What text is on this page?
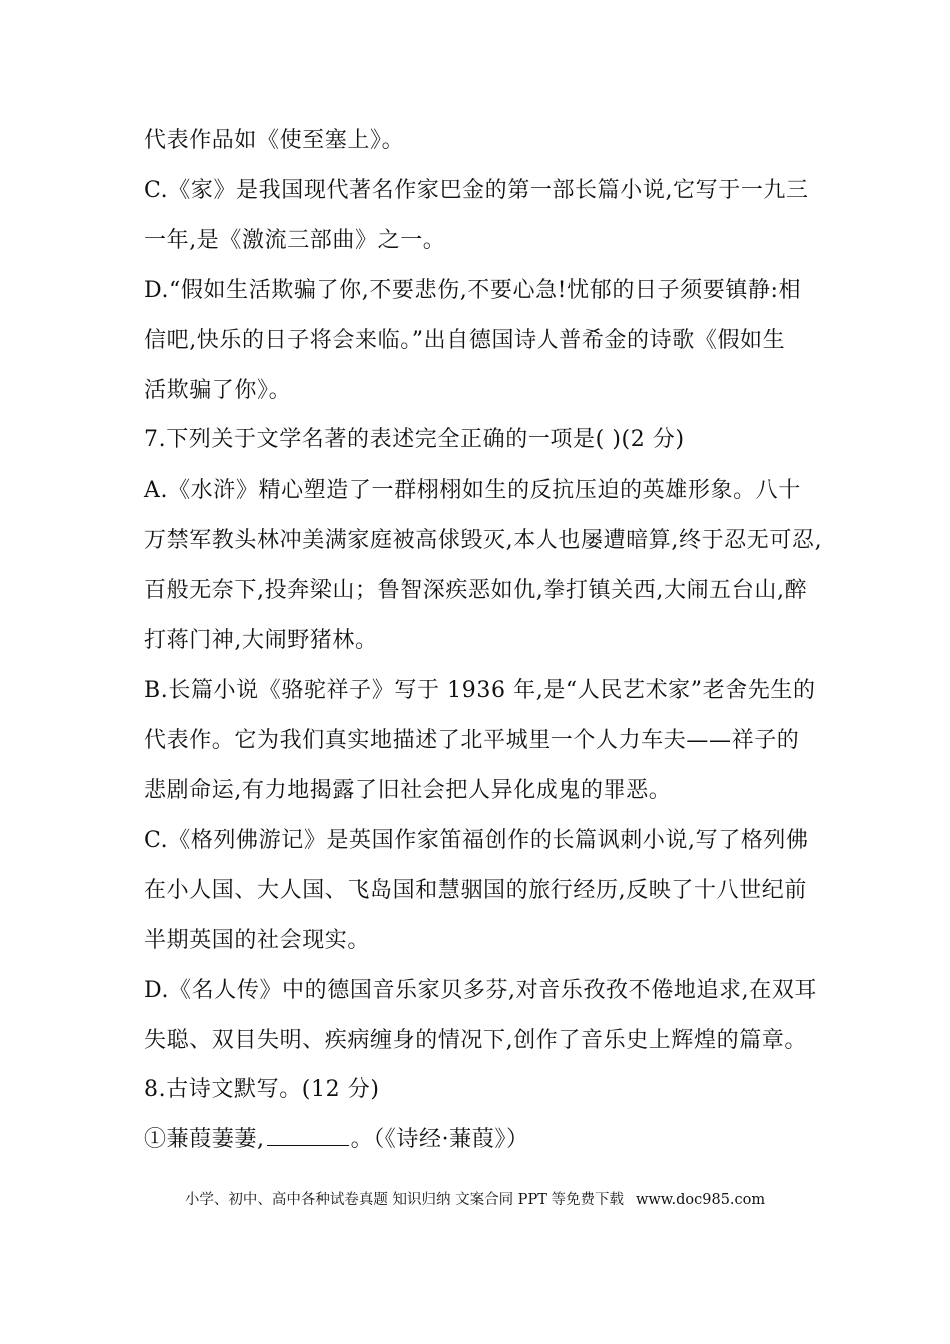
代表作品如《使至塞上》。
C.《家》是我国现代著名作家巴金的第一部长篇小说,它写于一九三
一年,是《激流三部曲》之一。
D.“假如生活欺骗了你,不要悲伤,不要心急!忧郁的日子须要镇静:相
信吧,快乐的日子将会来临。”出自德国诗人普希金的诗歌《假如生
活欺骗了你》。
7.下列关于文学名著的表述完全正确的一项是( )(2 分)
A.《水浒》精心塑造了一群栩栩如生的反抗压迫的英雄形象。八十
万禁军教头林冲美满家庭被高俅毁灭,本人也屡遭暗算,终于忍无可忍,
百般无奈下,投奔梁山；鲁智深疾恶如仇,拳打镇关西,大闹五台山,醉
打蒋门神,大闹野猪林。
B.长篇小说《骆驼祥子》写于 1936 年,是“人民艺术家”老舍先生的
代表作。它为我们真实地描述了北平城里一个人力车夫——祥子的
悲剧命运,有力地揭露了旧社会把人异化成鬼的罪恶。
C.《格列佛游记》是英国作家笛福创作的长篇讽刺小说,写了格列佛
在小人国、大人国、飞岛国和慧骃国的旅行经历,反映了十八世纪前
半期英国的社会现实。
D.《名人传》中的德国音乐家贝多芬,对音乐孜孜不倦地追求,在双耳
失聪、双目失明、疾病缠身的情况下,创作了音乐史上辉煌的篇章。
8.古诗文默写。(12 分)
①蒹葭萋萋,	。（《诗经·蒹葭》）
小学、初中、高中各种试卷真题 知识归纳 文案合同 PPT 等免费下载 www.doc985.com
